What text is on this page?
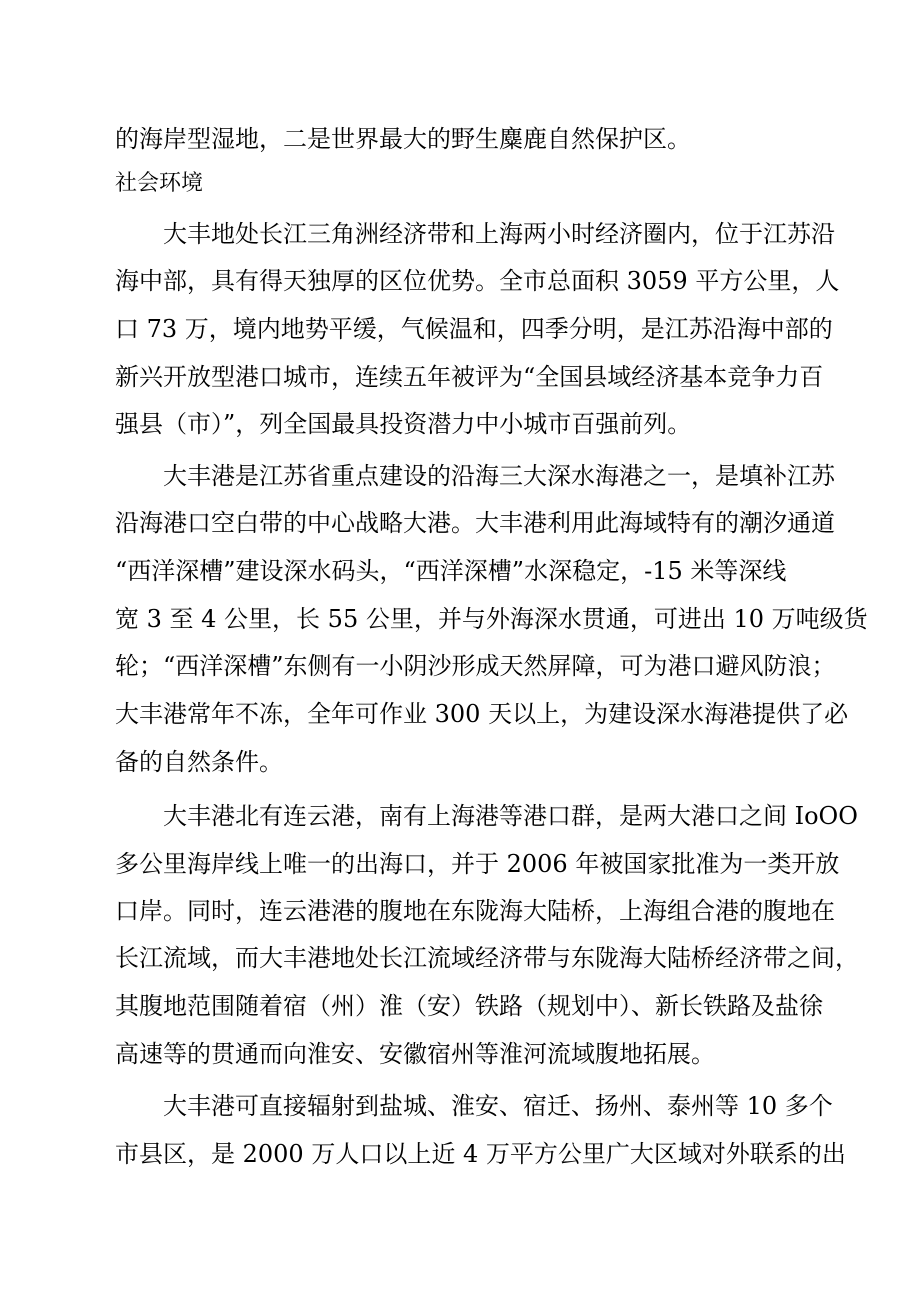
的海岸型湿地，二是世界最大的野生麋鹿自然保护区。
社会环境
大丰地处长江三角洲经济带和上海两小时经济圈内，位于江苏沿
海中部，具有得天独厚的区位优势。全市总面积 3059 平方公里，人
口 73 万，境内地势平缓，气候温和，四季分明，是江苏沿海中部的
新兴开放型港口城市，连续五年被评为“全国县域经济基本竞争力百
强县（市）”，列全国最具投资潜力中小城市百强前列。
大丰港是江苏省重点建设的沿海三大深水海港之一，是填补江苏
沿海港口空白带的中心战略大港。大丰港利用此海域特有的潮汐通道
“西洋深槽”建设深水码头，“西洋深槽”水深稳定，-15 米等深线
宽 3 至 4 公里，长 55 公里，并与外海深水贯通，可进出 10 万吨级货
轮；“西洋深槽”东侧有一小阴沙形成天然屏障，可为港口避风防浪；
大丰港常年不冻，全年可作业 300 天以上，为建设深水海港提供了必
备的自然条件。
大丰港北有连云港，南有上海港等港口群，是两大港口之间 IoOO
多公里海岸线上唯一的出海口，并于 2006 年被国家批准为一类开放
口岸。同时，连云港港的腹地在东陇海大陆桥，上海组合港的腹地在
长江流域，而大丰港地处长江流域经济带与东陇海大陆桥经济带之间，
其腹地范围随着宿（州）淮（安）铁路（规划中）、新长铁路及盐徐
高速等的贯通而向淮安、安徽宿州等淮河流域腹地拓展。
大丰港可直接辐射到盐城、淮安、宿迁、扬州、泰州等 10 多个
市县区，是 2000 万人口以上近 4 万平方公里广大区域对外联系的出
